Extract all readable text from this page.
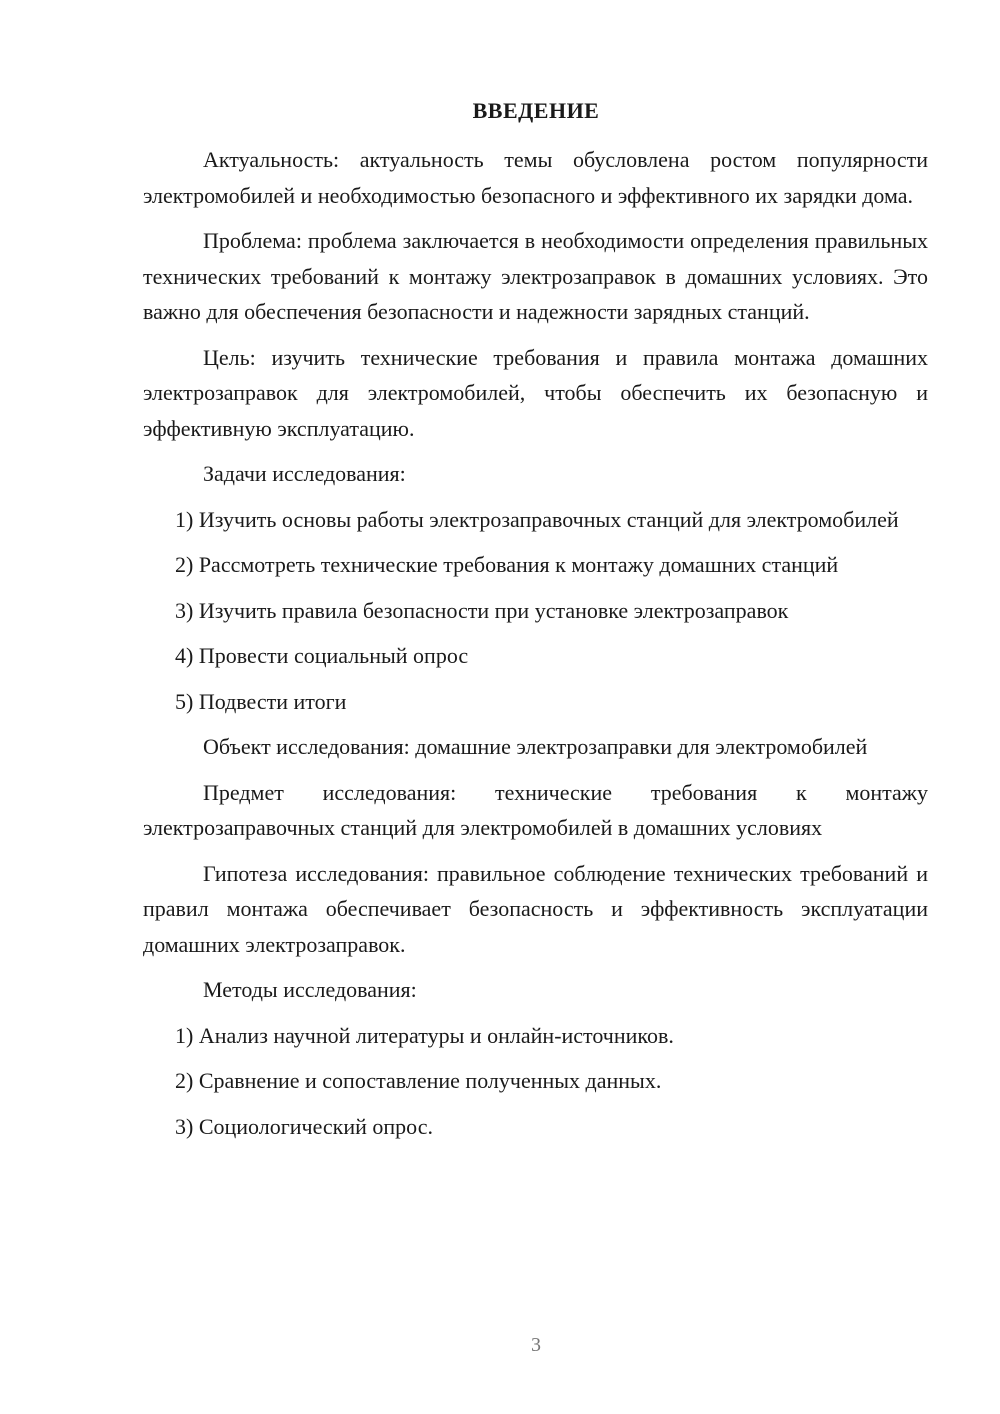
ВВЕДЕНИЕ

Актуальность: актуальность темы обусловлена ростом популярности электромобилей и необходимостью безопасного и эффективного их зарядки дома.

Проблема: проблема заключается в необходимости определения правильных технических требований к монтажу электрозаправок в домашних условиях. Это важно для обеспечения безопасности и надежности зарядных станций.

Цель: изучить технические требования и правила монтажа домашних электрозаправок для электромобилей, чтобы обеспечить их безопасную и эффективную эксплуатацию.

Задачи исследования:

1) Изучить основы работы электрозаправочных станций для электромобилей

2) Рассмотреть технические требования к монтажу домашних станций

3) Изучить правила безопасности при установке электрозаправок

4) Провести социальный опрос

5) Подвести итоги

Объект исследования: домашние электрозаправки для электромобилей

Предмет исследования: технические требования к монтажу электрозаправочных станций для электромобилей в домашних условиях

Гипотеза исследования: правильное соблюдение технических требований и правил монтажа обеспечивает безопасность и эффективность эксплуатации домашних электрозаправок.

Методы исследования:

1) Анализ научной литературы и онлайн-источников.

2) Сравнение и сопоставление полученных данных.

3) Социологический опрос.

3
